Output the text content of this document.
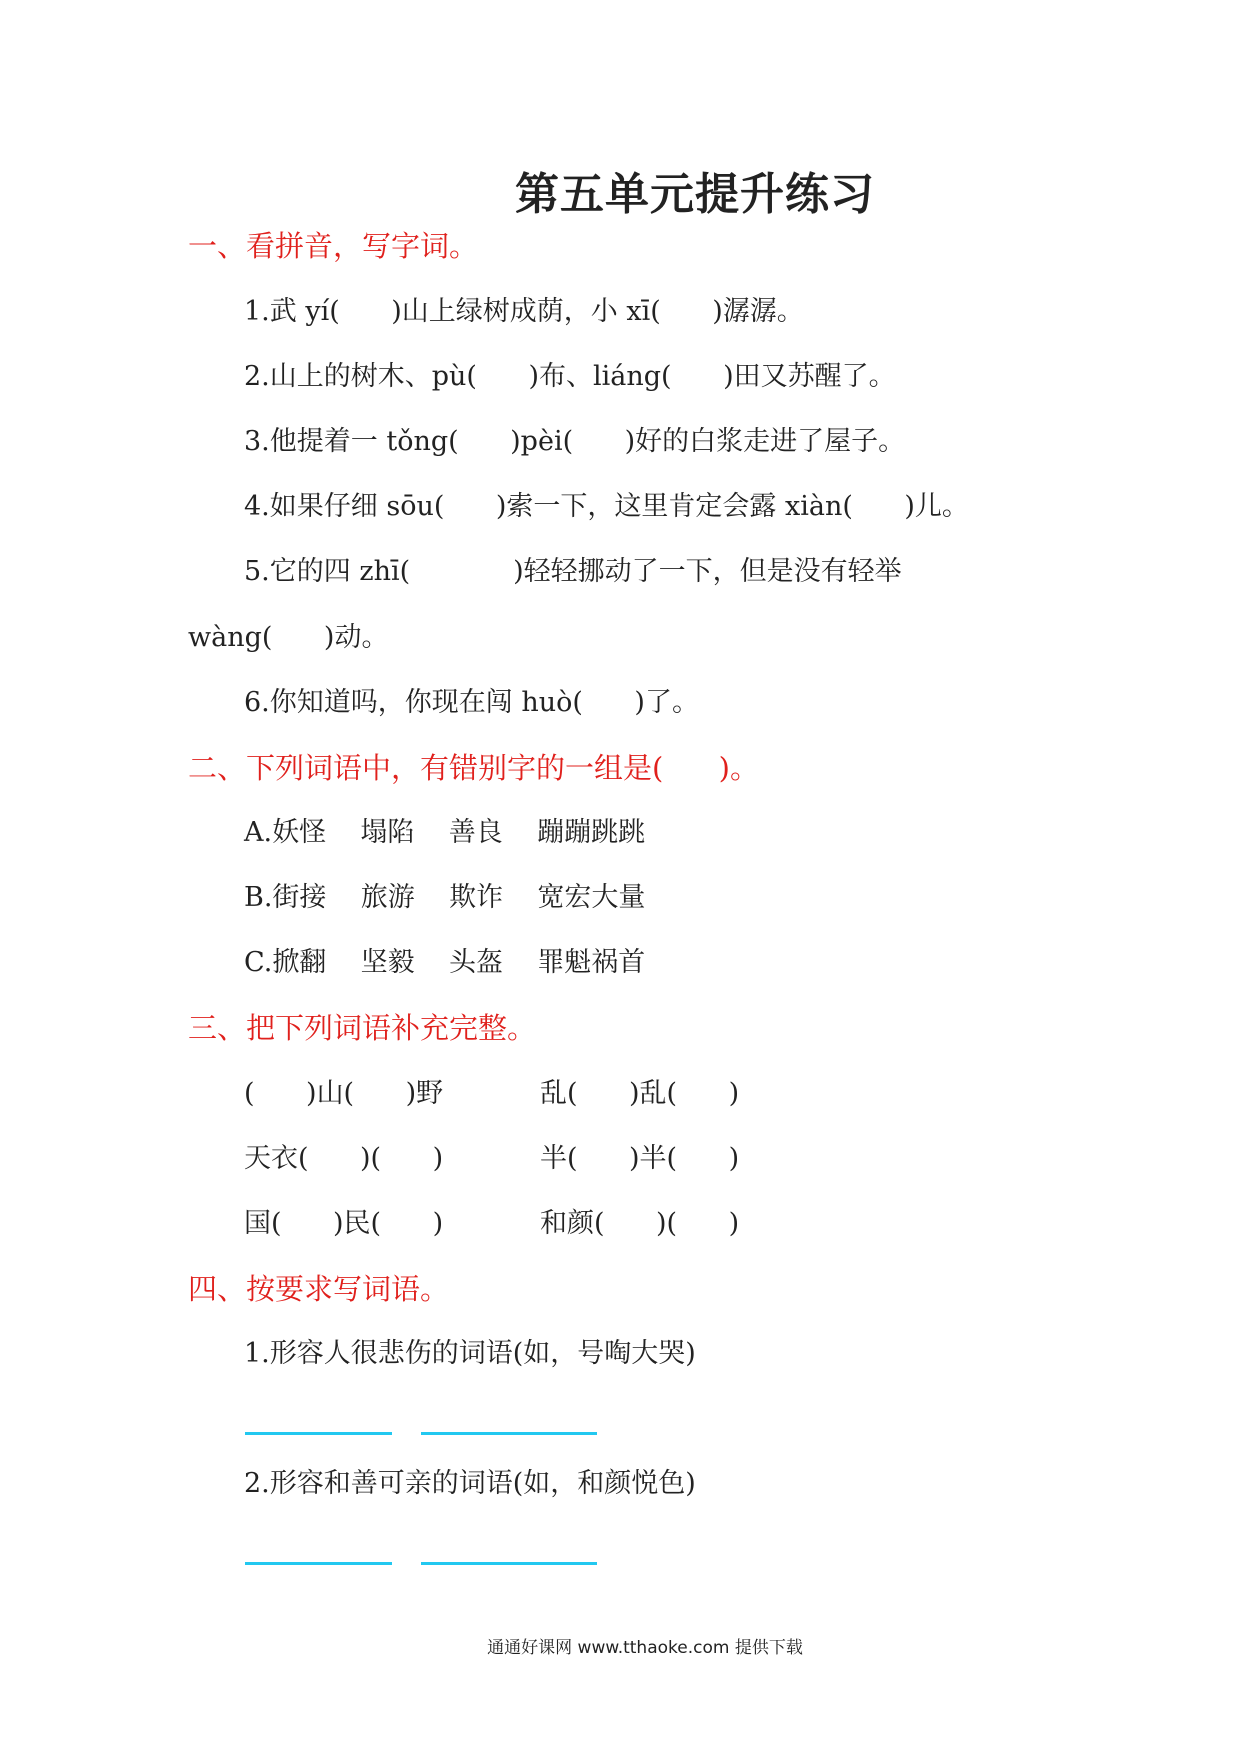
第五单元提升练习
一、看拼音，写字词。
1.武 yí(      )山上绿树成荫，小 xī(      )潺潺。
2.山上的树木、pù(      )布、liáng(      )田又苏醒了。
3.他提着一 tǒng(      )pèi(      )好的白浆走进了屋子。
4.如果仔细 sōu(      )索一下，这里肯定会露 xiàn(      )儿。
5.它的四 zhī(            )轻轻挪动了一下，但是没有轻举
wàng(      )动。
6.你知道吗，你现在闯 huò(      )了。
二、下列词语中，有错别字的一组是(      )。
A.妖怪    塌陷    善良    蹦蹦跳跳
B.街接    旅游    欺诈    宽宏大量
C.掀翻    坚毅    头盔    罪魁祸首
三、把下列词语补充完整。
(      )山(      )野	乱(      )乱(      )
天衣(      )(      )	半(      )半(      )
国(      )民(      )	和颜(      )(      )
四、按要求写词语。
1.形容人很悲伤的词语(如，号啕大哭)
2.形容和善可亲的词语(如，和颜悦色)
通通好课网 www.tthaoke.com 提供下载
